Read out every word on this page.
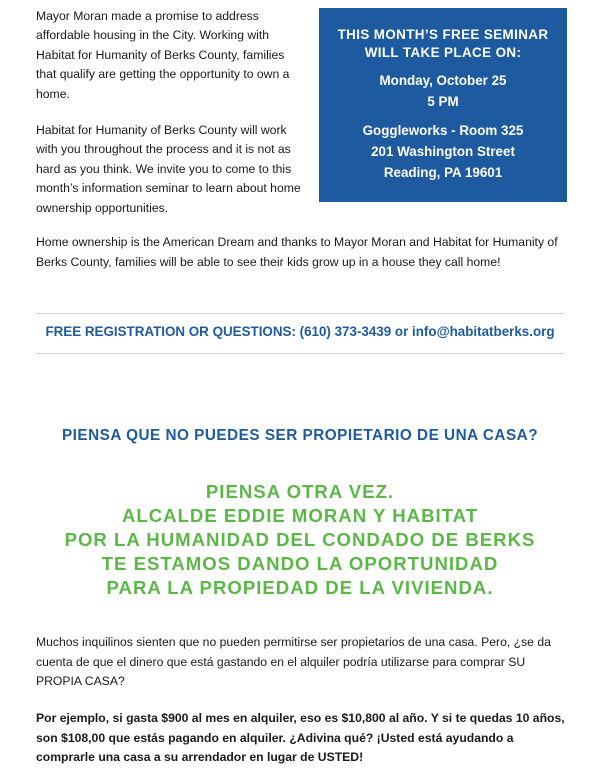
Mayor Moran made a promise to address affordable housing in the City. Working with Habitat for Humanity of Berks County, families that qualify are getting the opportunity to own a home.

Habitat for Humanity of Berks County will work with you throughout the process and it is not as hard as you think. We invite you to come to this month’s information seminar to learn about home ownership opportunities.

THIS MONTH’S FREE SEMINAR WILL TAKE PLACE ON:

Monday, October 25

5 PM

Goggleworks - Room 325

201 Washington Street

Reading, PA 19601

Home ownership is the American Dream and thanks to Mayor Moran and Habitat for Humanity of Berks County, families will be able to see their kids grow up in a house they call home!

FREE REGISTRATION OR QUESTIONS: (610) 373-3439 or info@habitatberks.org

PIENSA QUE NO PUEDES SER PROPIETARIO DE UNA CASA?

PIENSA OTRA VEZ.
ALCALDE EDDIE MORAN Y HABITAT
POR LA HUMANIDAD DEL CONDADO DE BERKS
TE ESTAMOS DANDO LA OPORTUNIDAD
PARA LA PROPIEDAD DE LA VIVIENDA.

Muchos inquilinos sienten que no pueden permitirse ser propietarios de una casa. Pero, ¿se da cuenta de que el dinero que está gastando en el alquiler podría utilizarse para comprar SU PROPIA CASA?

Por ejemplo, si gasta $900 al mes en alquiler, eso es $10,800 al año. Y si te quedas 10 años, son $108,00 que estás pagando en alquiler. ¿Adivina qué? ¡Usted está ayudando a comprarle una casa a su arrendador en lugar de USTED!
